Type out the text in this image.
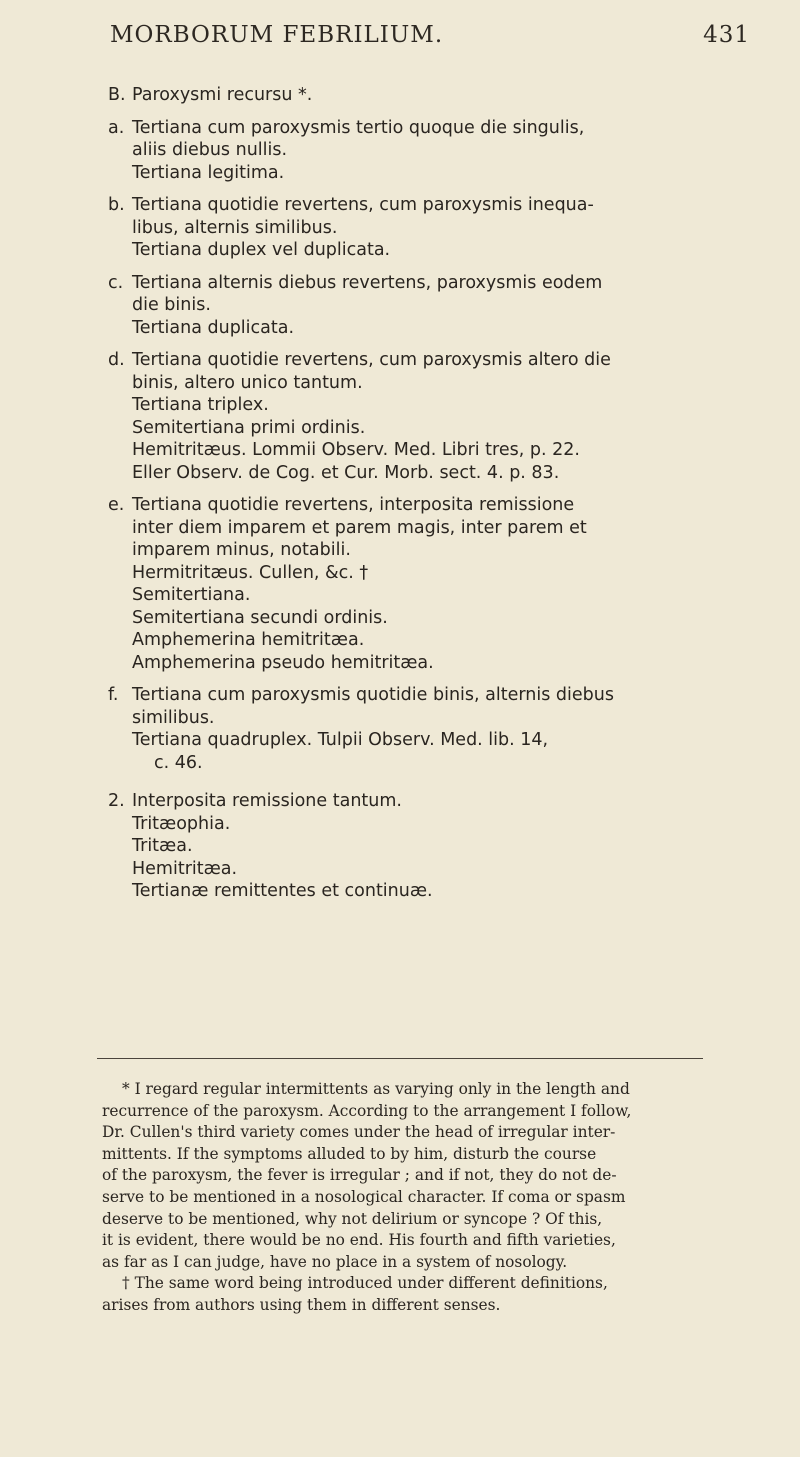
MORBORUM FEBRILIUM.	431
B. Paroxysmi recursu *.
a. Tertiana cum paroxysmis tertio quoque die singulis,
aliis diebus nullis.
Tertiana legitima.
b. Tertiana quotidie revertens, cum paroxysmis inequa-
libus, alternis similibus.
Tertiana duplex vel duplicata.
c. Tertiana alternis diebus revertens, paroxysmis eodem
die binis.
Tertiana duplicata.
d. Tertiana quotidie revertens, cum paroxysmis altero die
binis, altero unico tantum.
Tertiana triplex.
Semitertiana primi ordinis.
Hemitritæus. Lommii Observ. Med. Libri tres, p. 22.
Eller Observ. de Cog. et Cur. Morb. sect. 4. p. 83.
e. Tertiana quotidie revertens, interposita remissione
inter diem imparem et parem magis, inter parem et
imparem minus, notabili.
Hermitritæus. Cullen, &c. †
Semitertiana.
Semitertiana secundi ordinis.
Amphemerina hemitritæa.
Amphemerina pseudo hemitritæa.
f. Tertiana cum paroxysmis quotidie binis, alternis diebus
similibus.
Tertiana quadruplex. Tulpii Observ. Med. lib. 14,
c. 46.
2. Interposita remissione tantum.
Tritæophia.
Tritæa.
Hemitritæa.
Tertianæ remittentes et continuæ.
* I regard regular intermittents as varying only in the length and
recurrence of the paroxysm. According to the arrangement I follow,
Dr. Cullen's third variety comes under the head of irregular inter-
mittents. If the symptoms alluded to by him, disturb the course
of the paroxysm, the fever is irregular ; and if not, they do not de-
serve to be mentioned in a nosological character. If coma or spasm
deserve to be mentioned, why not delirium or syncope ? Of this,
it is evident, there would be no end. His fourth and fifth varieties,
as far as I can judge, have no place in a system of nosology.
† The same word being introduced under different definitions,
arises from authors using them in different senses.
